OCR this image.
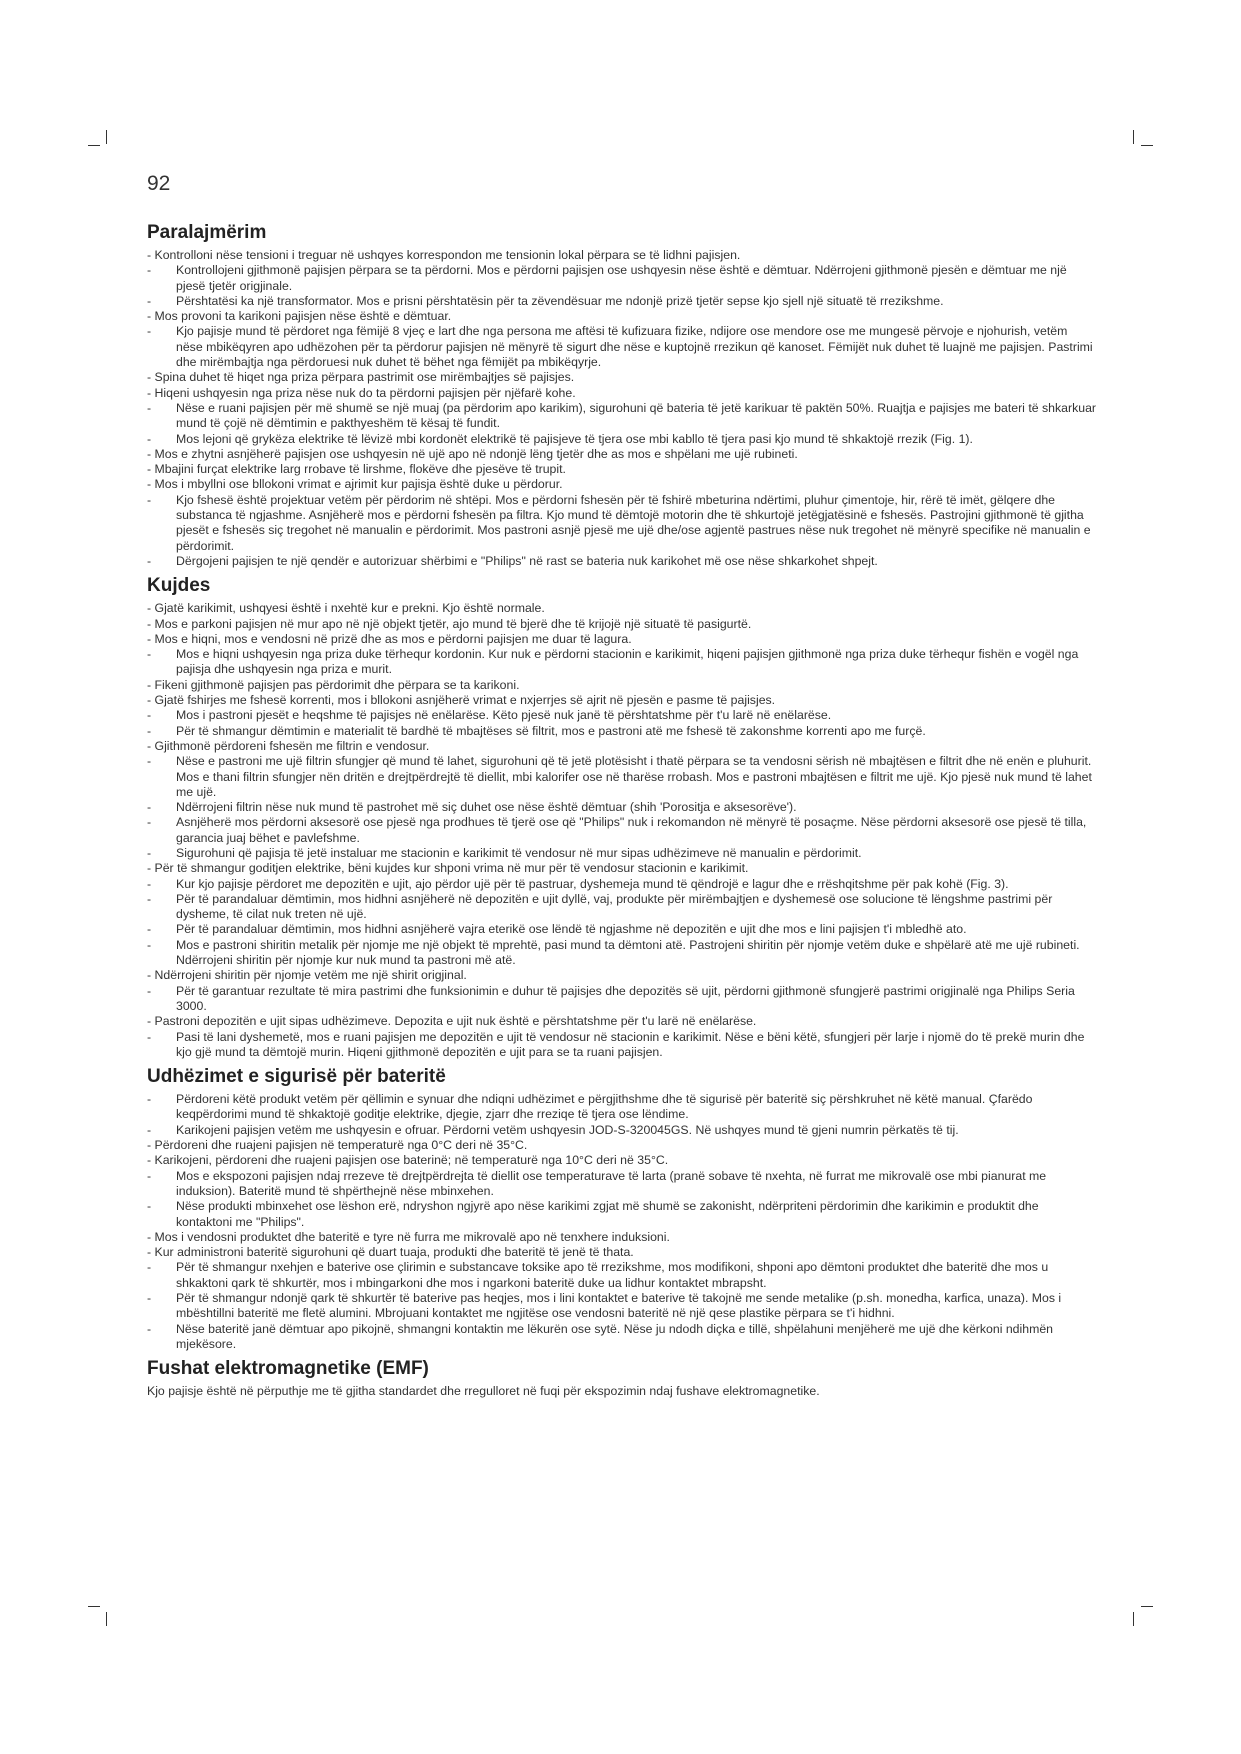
92
Paralajmërim
- Kontrolloni nëse tensioni i treguar në ushqyes korrespondon me tensionin lokal përpara se të lidhni pajisjen.
- Kontrollojeni gjithmonë pajisjen përpara se ta përdorni. Mos e përdorni pajisjen ose ushqyesin nëse është e dëmtuar. Ndërrojeni gjithmonë pjesën e dëmtuar me një pjesë tjetër origjinale.
- Përshtatësi ka një transformator. Mos e prisni përshtatësin për ta zëvendësuar me ndonjë prizë tjetër sepse kjo sjell një situatë të rrezikshme.
- Mos provoni ta karikoni pajisjen nëse është e dëmtuar.
- Kjo pajisje mund të përdoret nga fëmijë 8 vjeç e lart dhe nga persona me aftësi të kufizuara fizike, ndijore ose mendore ose me mungesë përvoje e njohurish, vetëm nëse mbikëqyren apo udhëzohen për ta përdorur pajisjen në mënyrë të sigurt dhe nëse e kuptojnë rrezikun që kanoset. Fëmijët nuk duhet të luajnë me pajisjen. Pastrimi dhe mirëmbajtja nga përdoruesi nuk duhet të bëhet nga fëmijët pa mbikëqyrje.
- Spina duhet të hiqet nga priza përpara pastrimit ose mirëmbajtjes së pajisjes.
- Hiqeni ushqyesin nga priza nëse nuk do ta përdorni pajisjen për njëfarë kohe.
- Nëse e ruani pajisjen për më shumë se një muaj (pa përdorim apo karikim), sigurohuni që bateria të jetë karikuar të paktën 50%. Ruajtja e pajisjes me bateri të shkarkuar mund të çojë në dëmtimin e pakthyeshëm të kësaj të fundit.
- Mos lejoni që grykëza elektrike të lëvizë mbi kordonët elektrikë të pajisjeve të tjera ose mbi kabllo të tjera pasi kjo mund të shkaktojë rrezik (Fig. 1).
- Mos e zhytni asnjëherë pajisjen ose ushqyesin në ujë apo në ndonjë lëng tjetër dhe as mos e shpëlani me ujë rubineti.
- Mbajini furçat elektrike larg rrobave të lirshme, flokëve dhe pjesëve të trupit.
- Mos i mbyllni ose bllokoni vrimat e ajrimit kur pajisja është duke u përdorur.
- Kjo fshesë është projektuar vetëm për përdorim në shtëpi. Mos e përdorni fshesën për të fshirë mbeturina ndërtimi, pluhur çimentoje, hir, rërë të imët, gëlqere dhe substanca të ngjashme. Asnjëherë mos e përdorni fshesën pa filtra. Kjo mund të dëmtojë motorin dhe të shkurtojë jetëgjatësinë e fshesës. Pastrojini gjithmonë të gjitha pjesët e fshesës siç tregohet në manualin e përdorimit. Mos pastroni asnjë pjesë me ujë dhe/ose agjentë pastrues nëse nuk tregohet në mënyrë specifike në manualin e përdorimit.
- Dërgojeni pajisjen te një qendër e autorizuar shërbimi e "Philips" në rast se bateria nuk karikohet më ose nëse shkarkohet shpejt.
Kujdes
- Gjatë karikimit, ushqyesi është i nxehtë kur e prekni. Kjo është normale.
- Mos e parkoni pajisjen në mur apo në një objekt tjetër, ajo mund të bjerë dhe të krijojë një situatë të pasigurtë.
- Mos e hiqni, mos e vendosni në prizë dhe as mos e përdorni pajisjen me duar të lagura.
- Mos e hiqni ushqyesin nga priza duke tërhequr kordonin. Kur nuk e përdorni stacionin e karikimit, hiqeni pajisjen gjithmonë nga priza duke tërhequr fishën e vogël nga pajisja dhe ushqyesin nga priza e murit.
- Fikeni gjithmonë pajisjen pas përdorimit dhe përpara se ta karikoni.
- Gjatë fshirjes me fshesë korrenti, mos i bllokoni asnjëherë vrimat e nxjerrjes së ajrit në pjesën e pasme të pajisjes.
- Mos i pastroni pjesët e heqshme të pajisjes në enëlarëse. Këto pjesë nuk janë të përshtatshme për t'u larë në enëlarëse.
- Për të shmangur dëmtimin e materialit të bardhë të mbajtëses së filtrit, mos e pastroni atë me fshesë të zakonshme korrenti apo me furçë.
- Gjithmonë përdoreni fshesën me filtrin e vendosur.
- Nëse e pastroni me ujë filtrin sfungjer që mund të lahet, sigurohuni që të jetë plotësisht i thatë përpara se ta vendosni sërish në mbajtësen e filtrit dhe në enën e pluhurit. Mos e thani filtrin sfungjer nën dritën e drejtpërdrejtë të diellit, mbi kalorifer ose në tharëse rrobash. Mos e pastroni mbajtësen e filtrit me ujë. Kjo pjesë nuk mund të lahet me ujë.
- Ndërrojeni filtrin nëse nuk mund të pastrohet më siç duhet ose nëse është dëmtuar (shih 'Porositja e aksesorëve').
- Asnjëherë mos përdorni aksesorë ose pjesë nga prodhues të tjerë ose që "Philips" nuk i rekomandon në mënyrë të posaçme. Nëse përdorni aksesorë ose pjesë të tilla, garancia juaj bëhet e pavlefshme.
- Sigurohuni që pajisja të jetë instaluar me stacionin e karikimit të vendosur në mur sipas udhëzimeve në manualin e përdorimit.
- Për të shmangur goditjen elektrike, bëni kujdes kur shponi vrima në mur për të vendosur stacionin e karikimit.
- Kur kjo pajisje përdoret me depozitën e ujit, ajo përdor ujë për të pastruar, dyshemeja mund të qëndrojë e lagur dhe e rrëshqitshme për pak kohë (Fig. 3).
- Për të parandaluar dëmtimin, mos hidhni asnjëherë në depozitën e ujit dyllë, vaj, produkte për mirëmbajtjen e dyshemesë ose solucione të lëngshme pastrimi për dysheme, të cilat nuk treten në ujë.
- Për të parandaluar dëmtimin, mos hidhni asnjëherë vajra eterikë ose lëndë të ngjashme në depozitën e ujit dhe mos e lini pajisjen t'i mbledhë ato.
- Mos e pastroni shiritin metalik për njomje me një objekt të mprehtë, pasi mund ta dëmtoni atë. Pastrojeni shiritin për njomje vetëm duke e shpëlarë atë me ujë rubineti. Ndërrojeni shiritin për njomje kur nuk mund ta pastroni më atë.
- Ndërrojeni shiritin për njomje vetëm me një shirit origjinal.
- Për të garantuar rezultate të mira pastrimi dhe funksionimin e duhur të pajisjes dhe depozitës së ujit, përdorni gjithmonë sfungjerë pastrimi origjinalë nga Philips Seria 3000.
- Pastroni depozitën e ujit sipas udhëzimeve. Depozita e ujit nuk është e përshtatshme për t'u larë në enëlarëse.
- Pasi të lani dyshemetë, mos e ruani pajisjen me depozitën e ujit të vendosur në stacionin e karikimit. Nëse e bëni këtë, sfungjeri për larje i njomë do të prekë murin dhe kjo gjë mund ta dëmtojë murin. Hiqeni gjithmonë depozitën e ujit para se ta ruani pajisjen.
Udhëzimet e sigurisë për bateritë
- Përdoreni këtë produkt vetëm për qëllimin e synuar dhe ndiqni udhëzimet e përgjithshme dhe të sigurisë për bateritë siç përshkruhet në këtë manual. Çfarëdo keqpërdorimi mund të shkaktojë goditje elektrike, djegie, zjarr dhe rreziqe të tjera ose lëndime.
- Karikojeni pajisjen vetëm me ushqyesin e ofruar. Përdorni vetëm ushqyesin JOD-S-320045GS. Në ushqyes mund të gjeni numrin përkatës të tij.
- Përdoreni dhe ruajeni pajisjen në temperaturë nga 0°C deri në 35°C.
- Karikojeni, përdoreni dhe ruajeni pajisjen ose baterinë; në temperaturë nga 10°C deri në 35°C.
- Mos e ekspozoni pajisjen ndaj rrezeve të drejtpërdrejta të diellit ose temperaturave të larta (pranë sobave të nxehta, në furrat me mikrovalë ose mbi pianurat me induksion). Bateritë mund të shpërthejnë nëse mbinxehen.
- Nëse produkti mbinxehet ose lëshon erë, ndryshon ngjyrë apo nëse karikimi zgjat më shumë se zakonisht, ndërpriteni përdorimin dhe karikimin e produktit dhe kontaktoni me "Philips".
- Mos i vendosni produktet dhe bateritë e tyre në furra me mikrovalë apo në tenxhere induksioni.
- Kur administroni bateritë sigurohuni që duart tuaja, produkti dhe bateritë të jenë të thata.
- Për të shmangur nxehjen e baterive ose çlirimin e substancave toksike apo të rrezikshme, mos modifikoni, shponi apo dëmtoni produktet dhe bateritë dhe mos u shkaktoni qark të shkurtër, mos i mbingarkoni dhe mos i ngarkoni bateritë duke ua lidhur kontaktet mbrapsht.
- Për të shmangur ndonjë qark të shkurtër të baterive pas heqjes, mos i lini kontaktet e baterive të takojnë me sende metalike (p.sh. monedha, karfica, unaza). Mos i mbështillni bateritë me fletë alumini. Mbrojuani kontaktet me ngjitëse ose vendosni bateritë në një qese plastike përpara se t'i hidhni.
- Nëse bateritë janë dëmtuar apo pikojnë, shmangni kontaktin me lëkurën ose sytë. Nëse ju ndodh diçka e tillë, shpëlahuni menjëherë me ujë dhe kërkoni ndihmën mjekësore.
Fushat elektromagnetike (EMF)
Kjo pajisje është në përputhje me të gjitha standardet dhe rregulloret në fuqi për ekspozimin ndaj fushave elektromagnetike.
